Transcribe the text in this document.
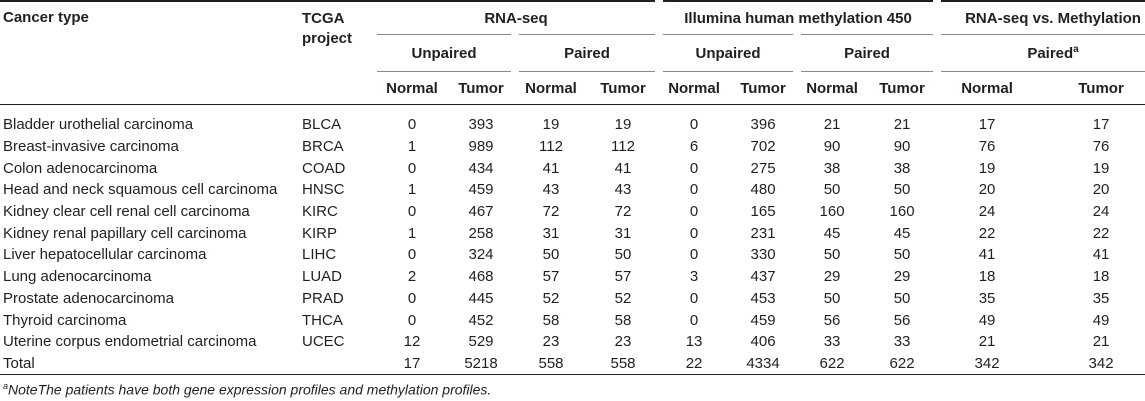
Cancer type	TCGA
project	RNA-seq				Illumina human methylation 450				RNA-seq vs. Methylation	
		Unpaired		Paired		Unpaired		Paired		Paired$^a$
		Normal	Tumor	Normal	Tumor	Normal	Tumor	Normal	Tumor	Normal	Tumor

Bladder urothelial carcinoma	BLCA	0	393	19	19	0	396	21	21	17	17
Breast-invasive carcinoma	BRCA	1	989	112	112	6	702	90	90	76	76
Colon adenocarcinoma	COAD	0	434	41	41	0	275	38	38	19	19
Head and neck squamous cell carcinoma	HNSC	1	459	43	43	0	480	50	50	20	20
Kidney clear cell renal cell carcinoma	KIRC	0	467	72	72	0	165	160	160	24	24
Kidney renal papillary cell carcinoma	KIRP	1	258	31	31	0	231	45	45	22	22
Liver hepatocellular carcinoma	LIHC	0	324	50	50	0	330	50	50	41	41
Lung adenocarcinoma	LUAD	2	468	57	57	3	437	29	29	18	18
Prostate adenocarcinoma	PRAD	0	445	52	52	0	453	50	50	35	35
Thyroid carcinoma	THCA	0	452	58	58	0	459	56	56	49	49
Uterine corpus endometrial carcinoma	UCEC	12	529	23	23	13	406	33	33	21	21
Total		17	5218	558	558	22	4334	622	622	342	342
$^a$NoteThe patients have both gene expression profiles and methylation profiles.
